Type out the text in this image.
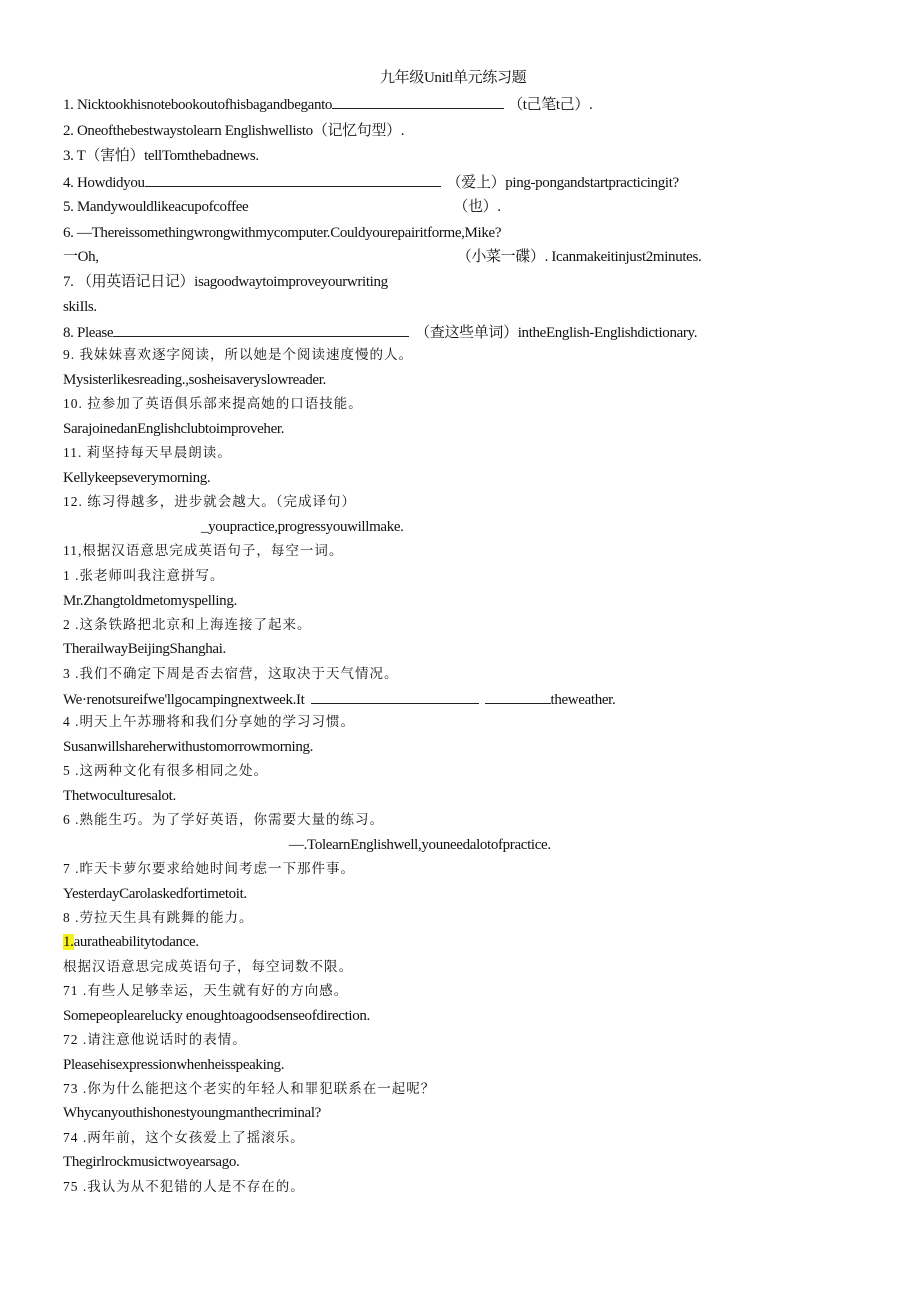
九年级Unitl单元练习题
1. Nicktookhisnotebookoutofhisbagandbeganto	（t己笔t己）.
2. Oneofthebestwaystolearn Englishwellisto（记忆句型）.
3. T（害怕）tellTomthebadnews.
4. Howdidyou	（爱上）ping-pongandstartpracticingit?
5. Mandywouldlikeacupofcoffee	（也）.
6. —Thereissomethingwrongwithmycomputer.Couldyourepairitforme,Mike?
一Oh,	（小菜一碟）. Icanmakeitinjust2minutes.
7. （用英语记日记）isagoodwaytoimproveyourwriting
skiIls.
8. Please	（查这些单词）intheEnglish-Englishdictionary.
9. 我妹妹喜欢逐字阅读，所以她是个阅读速度慢的人。
Mysisterlikesreading.,sosheisaveryslowreader.
10. 拉参加了英语俱乐部来提高她的口语技能。
SarajoinedanEnglishclubtoimproveher.
11. 莉坚持每天早晨朗读。
Kellykeepseverymorning.
12. 练习得越多，进步就会越大。（完成译句）
_youpractice,progressyouwillmake.
11,根据汉语意思完成英语句子，每空一词。
1 .张老师叫我注意拼写。
Mr.Zhangtoldmetomyspelling.
2 .这条铁路把北京和上海连接了起来。
TherailwayBeijingShanghai.
3 .我们不确定下周是否去宿营，这取决于天气情况。
We·renotsureifwe'llgocampingnextweek.It	theweather.
4 .明天上午苏珊将和我们分享她的学习习惯。
Susanwillshareherwithustomorrowmorning.
5 .这两种文化有很多相同之处。
Thetwoculturesalot.
6 .熟能生巧。为了学好英语，你需要大量的练习。
—.TolearnEnglishwell,youneedalotofpractice.
7 .昨天卡萝尔要求给她时间考虑一下那件事。
YesterdayCarolaskedfortimetoit.
8 .劳拉天生具有跳舞的能力。
1.auratheabilitytodance.
根据汉语意思完成英语句子，每空词数不限。
71 .有些人足够幸运，天生就有好的方向感。
Somepeoplearelucky enoughtoagoodsenseofdirection.
72 .请注意他说话时的表情。
Pleasehisexpressionwhenheisspeaking.
73 .你为什么能把这个老实的年轻人和罪犯联系在一起呢？
Whycanyouthishonestyoungmanthecriminal?
74 .两年前，这个女孩爱上了摇滚乐。
Thegirlrockmusictwoyearsago.
75 .我认为从不犯错的人是不存在的。
